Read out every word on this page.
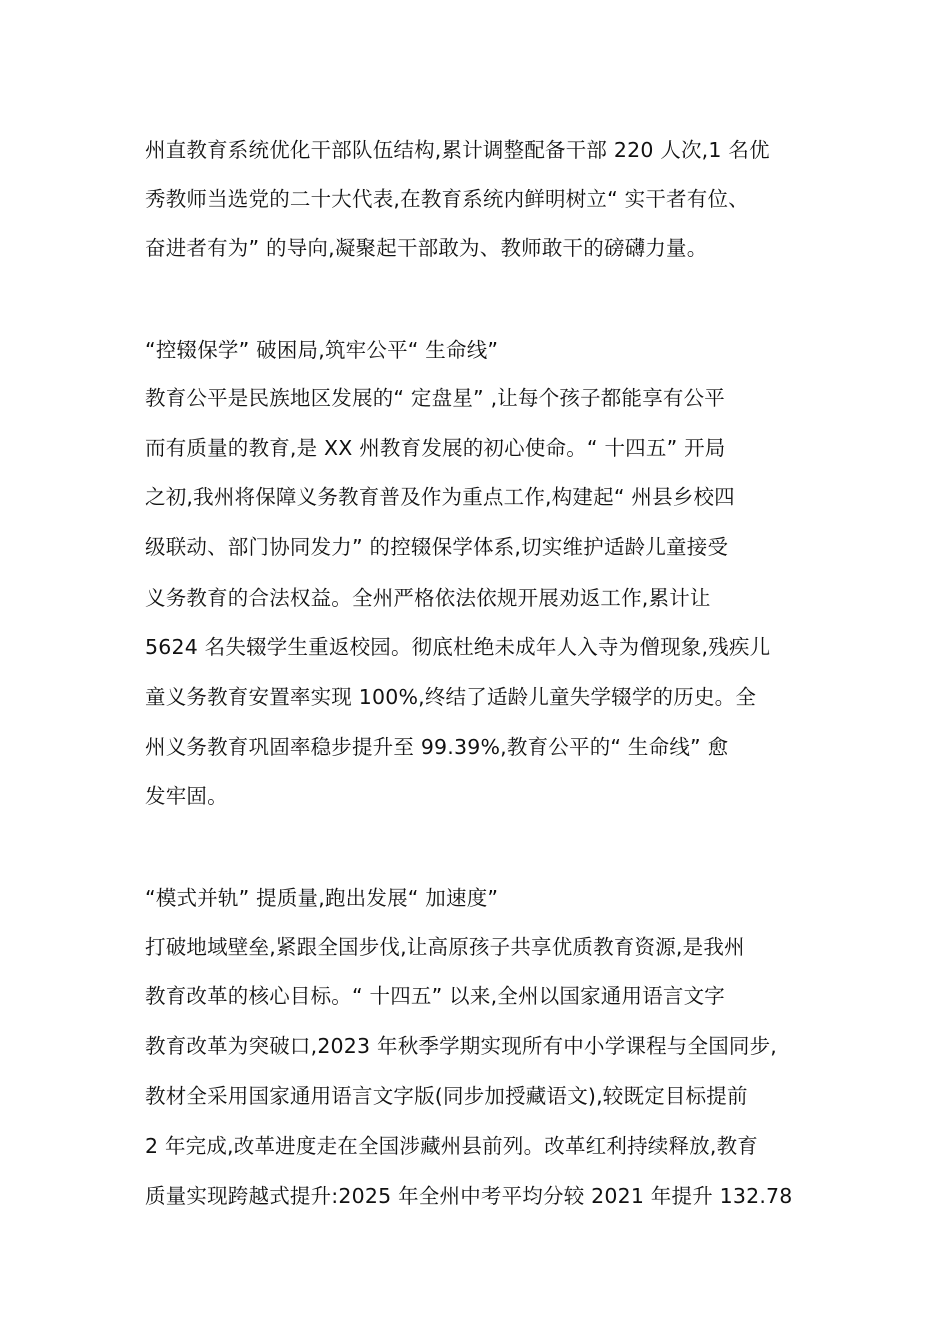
州直教育系统优化干部队伍结构,累计调整配备干部 220 人次,1 名优
秀教师当选党的二十大代表,在教育系统内鲜明树立“ 实干者有位、
奋进者有为” 的导向,凝聚起干部敢为、教师敢干的磅礴力量。
“控辍保学” 破困局,筑牢公平“ 生命线”
教育公平是民族地区发展的“ 定盘星” ,让每个孩子都能享有公平
而有质量的教育,是 XX 州教育发展的初心使命。“ 十四五” 开局
之初,我州将保障义务教育普及作为重点工作,构建起“ 州县乡校四
级联动、部门协同发力” 的控辍保学体系,切实维护适龄儿童接受
义务教育的合法权益。全州严格依法依规开展劝返工作,累计让
5624 名失辍学生重返校园。彻底杜绝未成年人入寺为僧现象,残疾儿
童义务教育安置率实现 100%,终结了适龄儿童失学辍学的历史。全
州义务教育巩固率稳步提升至 99.39%,教育公平的“ 生命线” 愈
发牢固。
“模式并轨” 提质量,跑出发展“ 加速度”
打破地域壁垒,紧跟全国步伐,让高原孩子共享优质教育资源,是我州
教育改革的核心目标。“ 十四五” 以来,全州以国家通用语言文字
教育改革为突破口,2023 年秋季学期实现所有中小学课程与全国同步,
教材全采用国家通用语言文字版(同步加授藏语文),较既定目标提前
2 年完成,改革进度走在全国涉藏州县前列。改革红利持续释放,教育
质量实现跨越式提升:2025 年全州中考平均分较 2021 年提升 132.78
